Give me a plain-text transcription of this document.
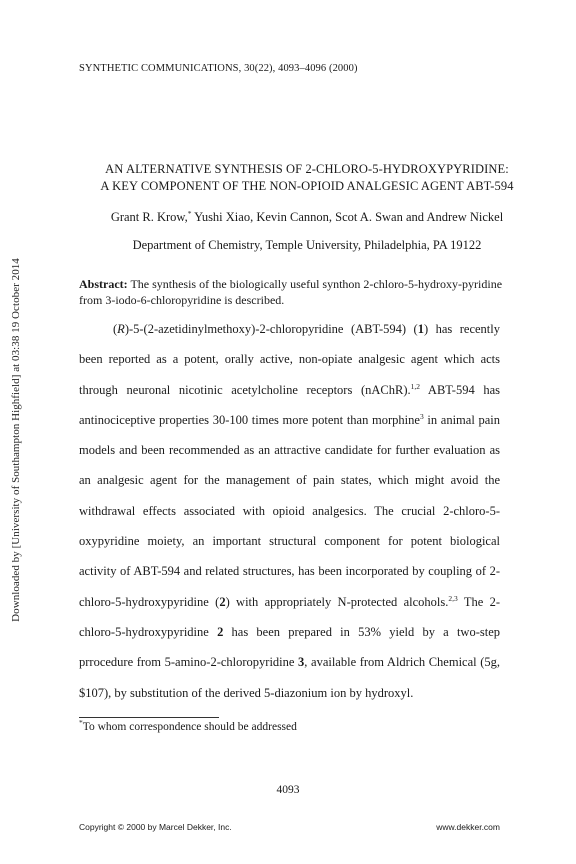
Downloaded by [University of Southampton Highfield] at 03:38 19 October 2014
SYNTHETIC COMMUNICATIONS, 30(22), 4093–4096 (2000)
AN ALTERNATIVE SYNTHESIS OF 2-CHLORO-5-HYDROXYPYRIDINE:
A KEY COMPONENT OF THE NON-OPIOID ANALGESIC AGENT ABT-594
Grant R. Krow,* Yushi Xiao, Kevin Cannon, Scot A. Swan and Andrew Nickel
Department of Chemistry, Temple University, Philadelphia, PA 19122
Abstract: The synthesis of the biologically useful synthon 2-chloro-5-hydroxy-pyridine from 3-iodo-6-chloropyridine is described.

(R)-5-(2-azetidinylmethoxy)-2-chloropyridine (ABT-594) (1) has recently been reported as a potent, orally active, non-opiate analgesic agent which acts through neuronal nicotinic acetylcholine receptors (nAChR).$^{1,2}$ ABT-594 has antinociceptive properties 30-100 times more potent than morphine$^3$ in animal pain models and been recommended as an attractive candidate for further evaluation as an analgesic agent for the management of pain states, which might avoid the withdrawal effects associated with opioid analgesics. The crucial 2-chloro-5-oxypyridine moiety, an important structural component for potent biological activity of ABT-594 and related structures, has been incorporated by coupling of 2-chloro-5-hydroxypyridine (2) with appropriately N-protected alcohols.$^{2,3}$ The 2-chloro-5-hydroxypyridine 2 has been prepared in 53% yield by a two-step prrocedure from 5-amino-2-chloropyridine 3, available from Aldrich Chemical (5g, $107), by substitution of the derived 5-diazonium ion by hydroxyl.

*To whom correspondence should be addressed
4093
Copyright © 2000 by Marcel Dekker, Inc.	www.dekker.com
